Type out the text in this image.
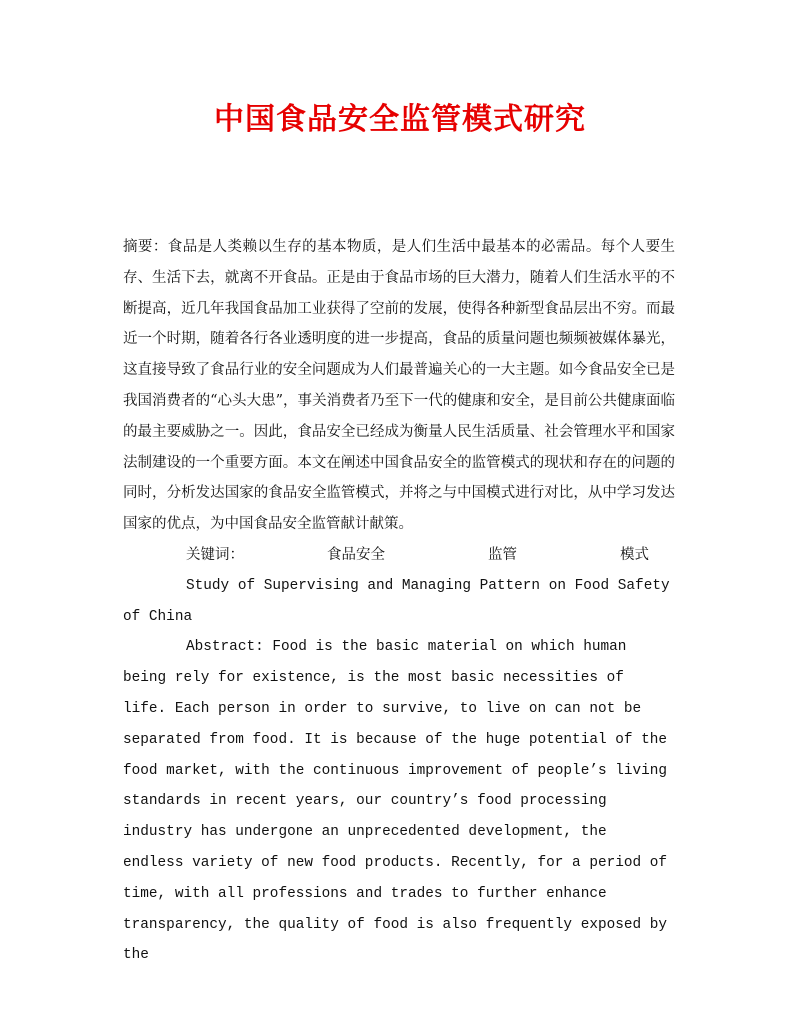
中国食品安全监管模式研究

摘要：食品是人类赖以生存的基本物质，是人们生活中最基本的必需品。每个人要生存、生活下去，就离不开食品。正是由于食品市场的巨大潜力，随着人们生活水平的不断提高，近几年我国食品加工业获得了空前的发展，使得各种新型食品层出不穷。而最近一个时期，随着各行各业透明度的进一步提高，食品的质量问题也频频被媒体暴光，这直接导致了食品行业的安全问题成为人们最普遍关心的一大主题。如今食品安全已是我国消费者的“心头大患”，事关消费者乃至下一代的健康和安全，是目前公共健康面临的最主要威胁之一。因此，食品安全已经成为衡量人民生活质量、社会管理水平和国家法制建设的一个重要方面。本文在阐述中国食品安全的监管模式的现状和存在的问题的同时，分析发达国家的食品安全监管模式，并将之与中国模式进行对比，从中学习发达国家的优点，为中国食品安全监管献计献策。

关键词：	食品安全	监管	模式

Study of Supervising and Managing Pattern on Food Safety of China

Abstract: Food is the basic material on which human being rely for existence, is the most basic necessities of life. Each person in order to survive, to live on can not be separated from food. It is because of the huge potential of the food market, with the continuous improvement of people’s living standards in recent years, our country’s food processing industry has undergone an unprecedented development, the endless variety of new food products. Recently, for a period of time, with all professions and trades to further enhance transparency, the quality of food is also frequently exposed by the
